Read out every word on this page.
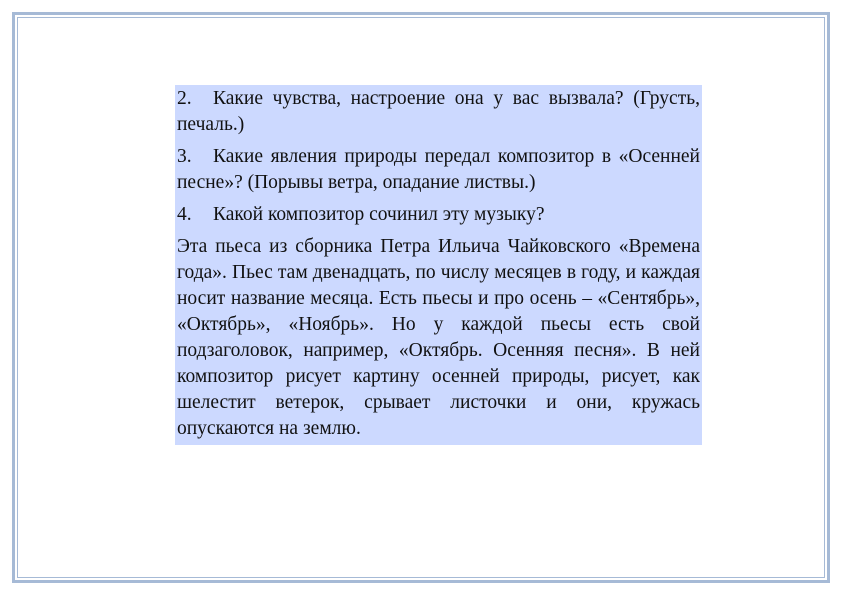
2. Какие чувства, настроение она у вас вызвала? (Грусть, печаль.)

3. Какие явления природы передал композитор в «Осенней песне»? (Порывы ветра, опадание листвы.)

4. Какой композитор сочинил эту музыку?

Эта пьеса из сборника Петра Ильича Чайковского «Времена года». Пьес там двенадцать, по числу месяцев в году, и каждая носит название месяца. Есть пьесы и про осень – «Сентябрь», «Октябрь», «Ноябрь». Но у каждой пьесы есть свой подзаголовок, например, «Октябрь. Осенняя песня». В ней композитор рисует картину осенней природы, рисует, как шелестит ветерок, срывает листочки и они, кружась опускаются на землю.
